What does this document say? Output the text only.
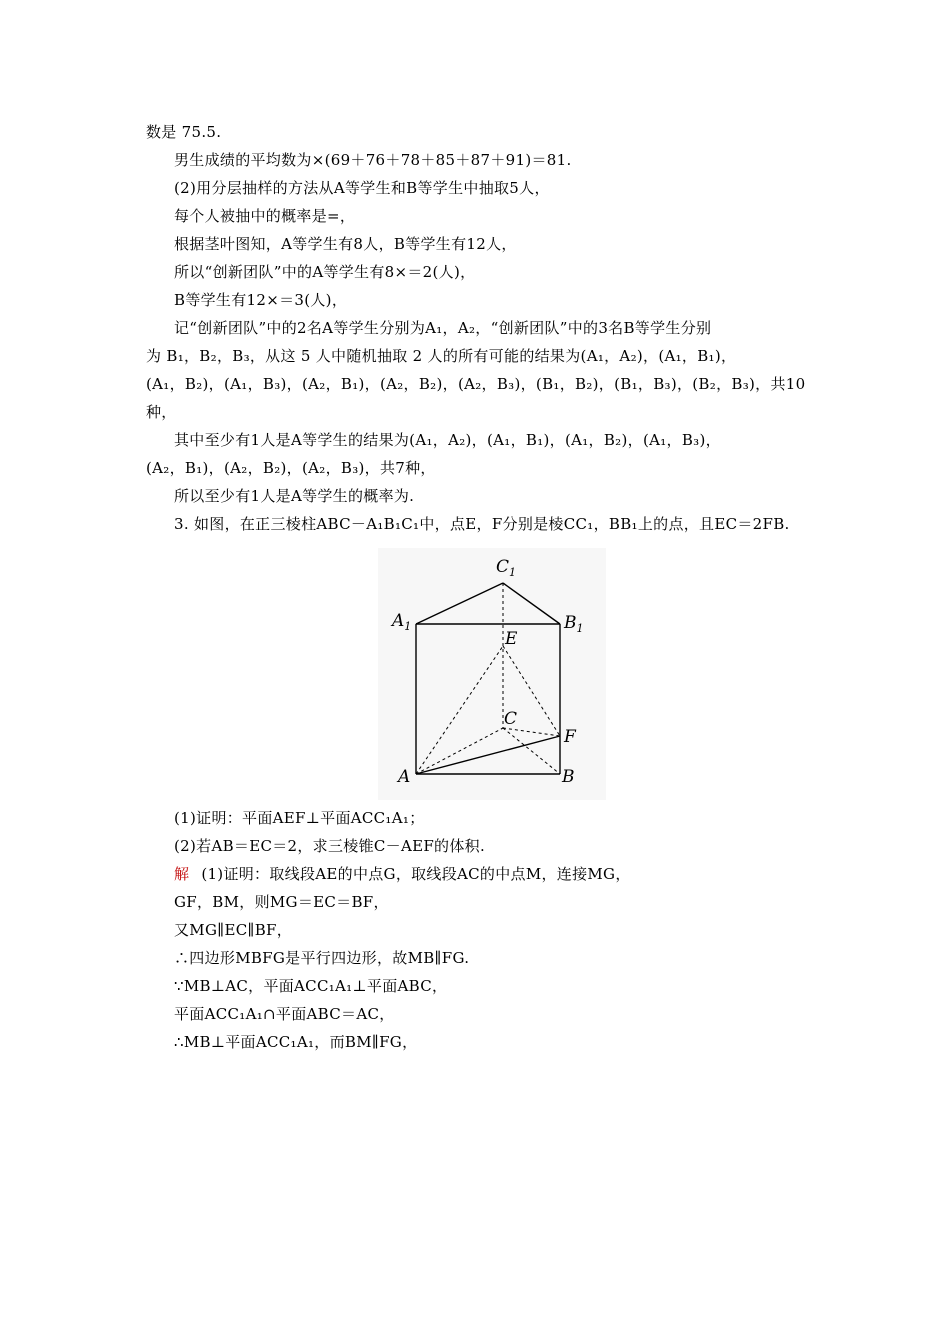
数是 75.5.
男生成绩的平均数为×(69＋76＋78＋85＋87＋91)＝81.
(2)用分层抽样的方法从A等学生和B等学生中抽取5人，
每个人被抽中的概率是=，
根据茎叶图知，A等学生有8人，B等学生有12人，
所以“创新团队”中的A等学生有8×＝2(人)，
B等学生有12×＝3(人)，
记“创新团队”中的2名A等学生分别为A₁，A₂，“创新团队”中的3名B等学生分别
为 B₁，B₂，B₃，从这 5 人中随机抽取 2 人的所有可能的结果为(A₁，A₂)，(A₁，B₁)，
(A₁，B₂)，(A₁，B₃)，(A₂，B₁)，(A₂，B₂)，(A₂，B₃)，(B₁，B₂)，(B₁，B₃)，(B₂，B₃)，共10
种，
其中至少有1人是A等学生的结果为(A₁，A₂)，(A₁，B₁)，(A₁，B₂)，(A₁，B₃)，
(A₂，B₁)，(A₂，B₂)，(A₂，B₃)，共7种，
所以至少有1人是A等学生的概率为.
3. 如图，在正三棱柱ABC－A₁B₁C₁中，点E，F分别是棱CC₁，BB₁上的点，且EC＝2FB.
$C_1$
$A_1$	$B_1$
E
C
F
A	B
(1)证明：平面AEF⊥平面ACC₁A₁；
(2)若AB＝EC＝2，求三棱锥C－AEF的体积.
解 (1)证明：取线段AE的中点G，取线段AC的中点M，连接MG，
GF，BM，则MG＝EC＝BF，
又MG∥EC∥BF，
∴四边形MBFG是平行四边形，故MB∥FG.
∵MB⊥AC，平面ACC₁A₁⊥平面ABC，
平面ACC₁A₁∩平面ABC＝AC，
∴MB⊥平面ACC₁A₁，而BM∥FG，
